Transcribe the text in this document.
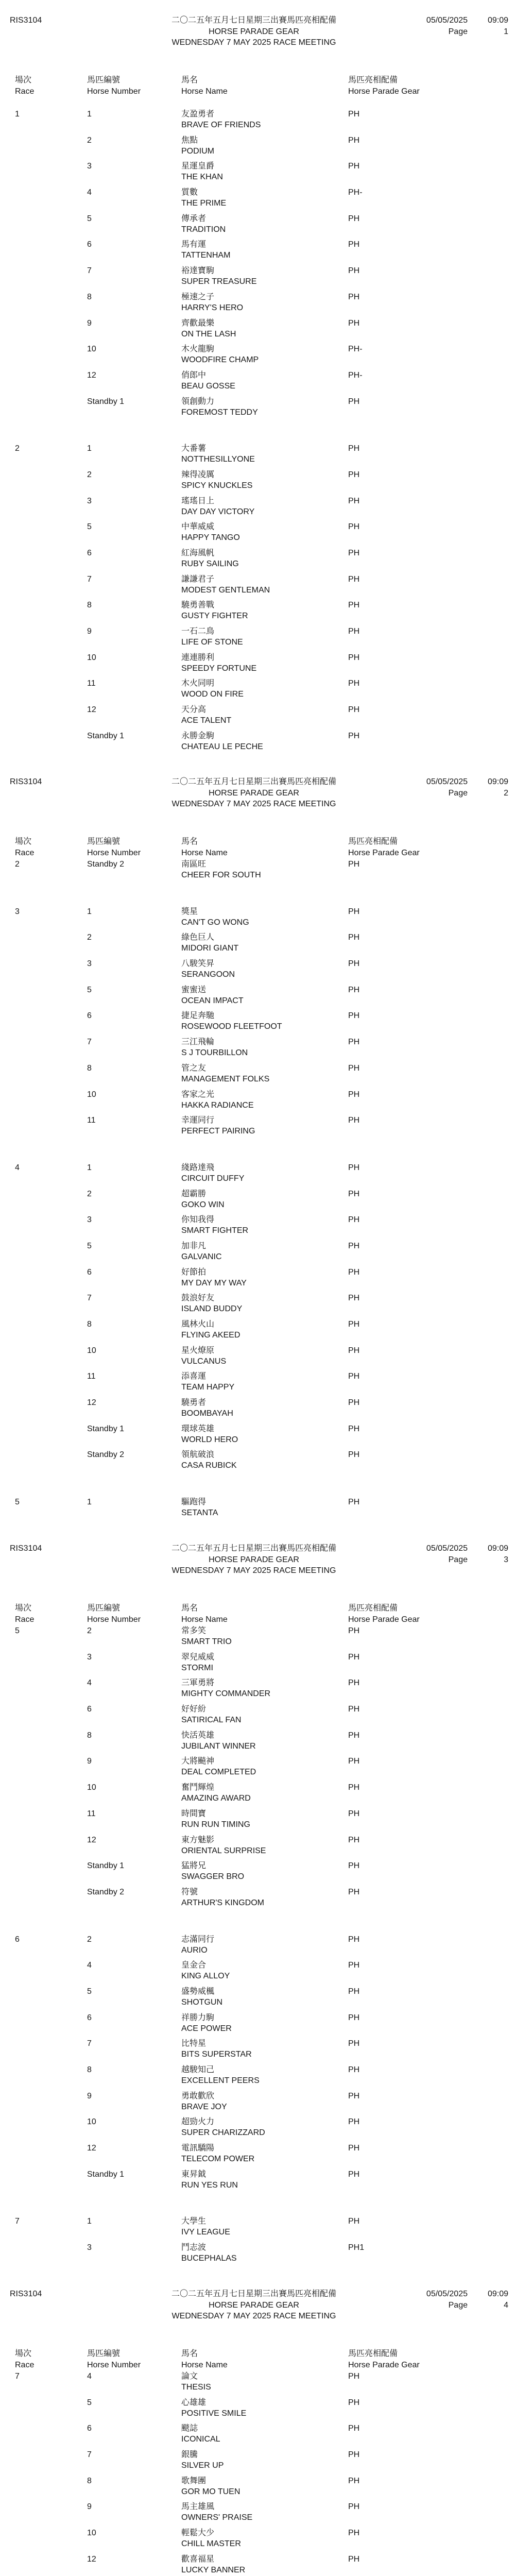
RIS3104	二〇二五年五月七日星期三出賽馬匹亮相配備
HORSE PARADE GEAR
WEDNESDAY 7 MAY 2025 RACE MEETING
05/05/2025	09:09
Page	1
場次
Race
馬匹編號
Horse Number
馬名
Horse Name
馬匹亮相配備
Horse Parade Gear
1	1	友盈勇者
BRAVE OF FRIENDS
PH
2	焦點
PODIUM
PH
3	星運皇爵
THE KHAN
PH
4	質數
THE PRIME
PH-
5	傳承者
TRADITION
PH
6	馬有運
TATTENHAM
PH
7	裕達寶駒
SUPER TREASURE
PH
8	極速之子
HARRY'S HERO
PH
9	齊歡最樂
ON THE LASH
PH
10	木火龍駒
WOODFIRE CHAMP
PH-
12	俏郎中
BEAU GOSSE
PH-
Standby 1	領創動力
FOREMOST TEDDY
PH
2	1	大番薯
NOTTHESILLYONE
PH
2	辣得凌厲
SPICY KNUCKLES
PH
3	瑤瑤日上
DAY DAY VICTORY
PH
5	中華威威
HAPPY TANGO
PH
6	紅海風帆
RUBY SAILING
PH
7	謙謙君子
MODEST GENTLEMAN
PH
8	驍勇善戰
GUSTY FIGHTER
PH
9	一石二鳥
LIFE OF STONE
PH
10	連連勝利
SPEEDY FORTUNE
PH
11	木火同明
WOOD ON FIRE
PH
12	天分高
ACE TALENT
PH
Standby 1	永勝金駒
CHATEAU LE PECHE
PH
RIS3104	二〇二五年五月七日星期三出賽馬匹亮相配備
HORSE PARADE GEAR
WEDNESDAY 7 MAY 2025 RACE MEETING
05/05/2025	09:09
Page	2
場次
Race
馬匹編號
Horse Number
馬名
Horse Name
馬匹亮相配備
Horse Parade Gear
2	Standby 2	南區旺
CHEER FOR SOUTH
PH
3	1	獎星
CAN'T GO WONG
PH
2	綠色巨人
MIDORI GIANT
PH
3	八駿笑昇
SERANGOON
PH
5	蜜蜜送
OCEAN IMPACT
PH
6	捷足奔馳
ROSEWOOD FLEETFOOT
PH
7	三江飛輪
S J TOURBILLON
PH
8	管之友
MANAGEMENT FOLKS
PH
10	客家之光
HAKKA RADIANCE
PH
11	幸運同行
PERFECT PAIRING
PH
4	1	綫路達飛
CIRCUIT DUFFY
PH
2	超霸勝
GOKO WIN
PH
3	你知我得
SMART FIGHTER
PH
5	加非凡
GALVANIC
PH
6	好節拍
MY DAY MY WAY
PH
7	鼓浪好友
ISLAND BUDDY
PH
8	風林火山
FLYING AKEED
PH
10	星火燎原
VULCANUS
PH
11	添喜運
TEAM HAPPY
PH
12	驍勇者
BOOMBAYAH
PH
Standby 1	環球英雄
WORLD HERO
PH
Standby 2	領航破浪
CASA RUBICK
PH
5	1	驅跑得
SETANTA
PH
RIS3104	二〇二五年五月七日星期三出賽馬匹亮相配備
HORSE PARADE GEAR
WEDNESDAY 7 MAY 2025 RACE MEETING
05/05/2025	09:09
Page	3
場次
Race
馬匹編號
Horse Number
馬名
Horse Name
馬匹亮相配備
Horse Parade Gear
5	2	常多笑
SMART TRIO
PH
3	翠兒威威
STORMI
PH
4	三軍勇將
MIGHTY COMMANDER
PH
6	好好紛
SATIRICAL FAN
PH
8	快活英雄
JUBILANT WINNER
PH
9	大將飈神
DEAL COMPLETED
PH
10	奮鬥輝煌
AMAZING AWARD
PH
11	時間寶
RUN RUN TIMING
PH
12	東方魅影
ORIENTAL SURPRISE
PH
Standby 1	猛將兄
SWAGGER BRO
PH
Standby 2	符號
ARTHUR'S KINGDOM
PH
6	2	志滿同行
AURIO
PH
4	皇金合
KING ALLOY
PH
5	盛勢威楓
SHOTGUN
PH
6	祥勝力駒
ACE POWER
PH
7	比特星
BITS SUPERSTAR
PH
8	越駿知己
EXCELLENT PEERS
PH
9	勇敢歡欣
BRAVE JOY
PH
10	超勁火力
SUPER CHARIZZARD
PH
12	電訊驕陽
TELECOM POWER
PH
Standby 1	東昇鉞
RUN YES RUN
PH
7	1	大學生
IVY LEAGUE
PH
3	鬥志波
BUCEPHALAS
PH1
RIS3104	二〇二五年五月七日星期三出賽馬匹亮相配備
HORSE PARADE GEAR
WEDNESDAY 7 MAY 2025 RACE MEETING
05/05/2025	09:09
Page	4
場次
Race
馬匹編號
Horse Number
馬名
Horse Name
馬匹亮相配備
Horse Parade Gear
7	4	論文
THESIS
PH
5	心雄雄
POSITIVE SMILE
PH
6	颷誌
ICONICAL
PH
7	銀騰
SILVER UP
PH
8	歌舞團
GOR MO TUEN
PH
9	馬主雄風
OWNERS' PRAISE
PH
10	輕鬆大少
CHILL MASTER
PH
12	歡喜福星
LUCKY BANNER
PH
